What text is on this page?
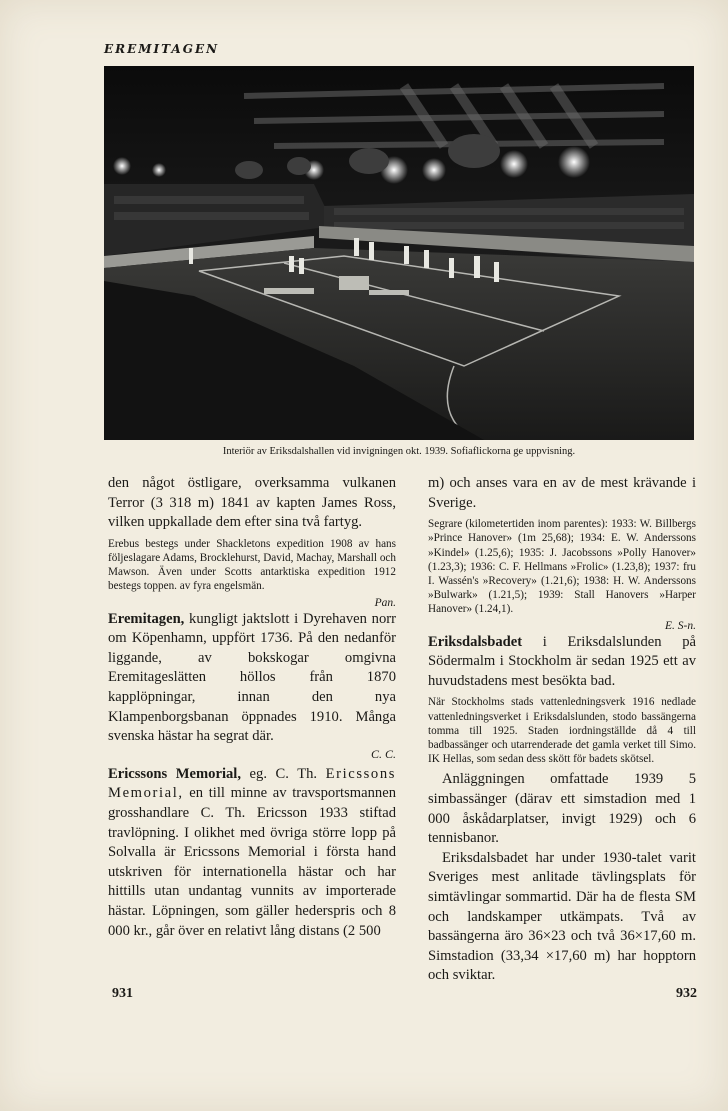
EREMITAGEN
Interiör av Eriksdalshallen vid invigningen okt. 1939. Sofiaflickorna ge uppvisning.

den något östligare, overksamma vulkanen Terror (3 318 m) 1841 av kapten James Ross, vilken uppkallade dem efter sina två fartyg.

Erebus bestegs under Shackletons expedition 1908 av hans följeslagare Adams, Brocklehurst, David, Machay, Marshall och Mawson. Även under Scotts antarktiska expedition 1912 bestegs toppen. av fyra engelsmän.

Pan.

Eremitagen, kungligt jaktslott i Dyrehaven norr om Köpenhamn, uppfört 1736. På den nedanför liggande, av bokskogar omgivna Eremitageslätten höllos från 1870 kapplöpningar, innan den nya Klampenborgsbanan öppnades 1910. Många svenska hästar ha segrat där.

C. C.

Ericssons Memorial, eg. C. Th. Ericssons Memorial, en till minne av travsportsmannen grosshandlare C. Th. Ericsson 1933 stiftad travlöpning. I olikhet med övriga större lopp på Solvalla är Ericssons Memorial i första hand utskriven för internationella hästar och har hittills utan undantag vunnits av importerade hästar. Löpningen, som gäller hederspris och 8 000 kr., går över en relativt lång distans (2 500

m) och anses vara en av de mest krävande i Sverige.

Segrare (kilometertiden inom parentes): 1933: W. Billbergs »Prince Hanover» (1m 25,68); 1934: E. W. Anderssons »Kindel» (1.25,6); 1935: J. Jacobssons »Polly Hanover» (1.23,3); 1936: C. F. Hellmans »Frolic» (1.23,8); 1937: fru I. Wassén's »Recovery» (1.21,6); 1938: H. W. Anderssons »Bulwark» (1.21,5); 1939: Stall Hanovers »Harper Hanover» (1.24,1).

E. S-n.

Eriksdalsbadet i Eriksdalslunden på Södermalm i Stockholm är sedan 1925 ett av huvudstadens mest besökta bad.

När Stockholms stads vattenledningsverk 1916 nedlade vattenledningsverket i Eriksdalslunden, stodo bassängerna tomma till 1925. Staden iordningställde då 4 till badbassänger och utarrenderade det gamla verket till Simo. IK Hellas, som sedan dess skött för badets skötsel.

Anläggningen omfattade 1939 5 simbassänger (därav ett simstadion med 1 000 åskådarplatser, invigt 1929) och 6 tennisbanor.

Eriksdalsbadet har under 1930-talet varit Sveriges mest anlitade tävlingsplats för simtävlingar sommartid. Där ha de flesta SM och landskamper utkämpats. Två av bassängerna äro 36×23 och två 36×17,60 m. Simstadion (33,34 ×17,60 m) har hopptorn och sviktar.

931	932
